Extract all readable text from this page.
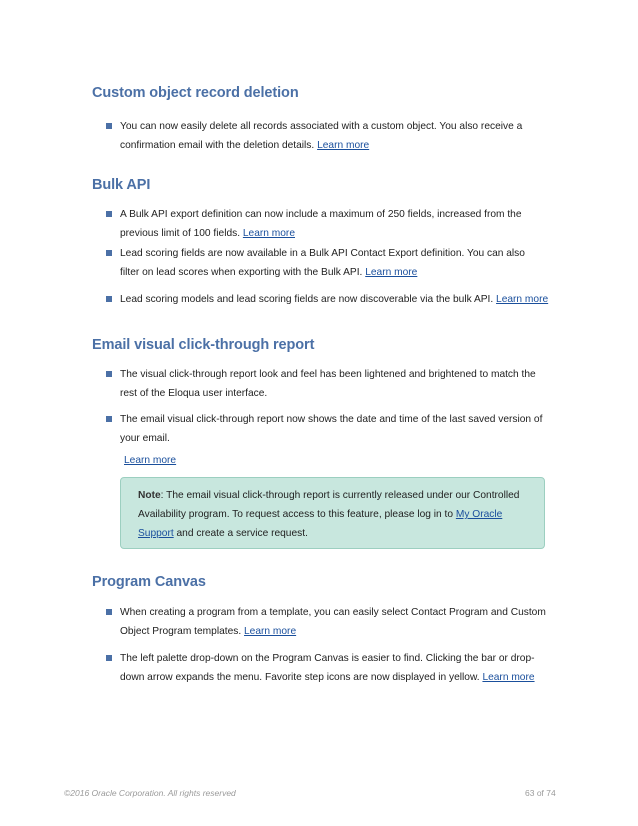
Custom object record deletion
You can now easily delete all records associated with a custom object. You also receive a confirmation email with the deletion details. Learn more
Bulk API
A Bulk API export definition can now include a maximum of 250 fields, increased from the previous limit of 100 fields. Learn more
Lead scoring fields are now available in a Bulk API Contact Export definition. You can also filter on lead scores when exporting with the Bulk API. Learn more
Lead scoring models and lead scoring fields are now discoverable via the bulk API. Learn more
Email visual click-through report
The visual click-through report look and feel has been lightened and brightened to match the rest of the Eloqua user interface.
The email visual click-through report now shows the date and time of the last saved version of your email.
Learn more
Note: The email visual click-through report is currently released under our Controlled Availability program. To request access to this feature, please log in to My Oracle Support and create a service request.
Program Canvas
When creating a program from a template, you can easily select Contact Program and Custom Object Program templates. Learn more
The left palette drop-down on the Program Canvas is easier to find. Clicking the bar or drop-down arrow expands the menu. Favorite step icons are now displayed in yellow. Learn more
©2016 Oracle Corporation. All rights reserved	63 of 74
